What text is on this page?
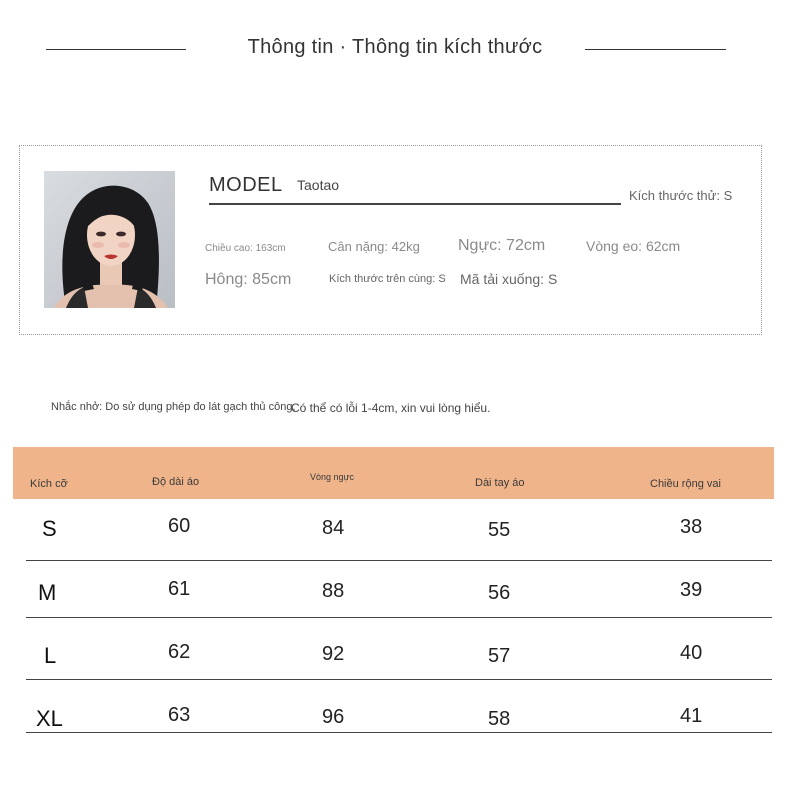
Thông tin · Thông tin kích thước
MODEL Taotao
Kích thước thử: S
Chiều cao: 163cm	Cân nặng: 42kg Ngực: 72cm	Vòng eo: 62cm
Hông: 85cm	Kích thước trên cùng: S Mã tải xuống: S
Nhắc nhở: Do sử dụng phép đo lát gạch thủ công,
Có thể có lỗi 1-4cm, xin vui lòng hiểu.
Kích cỡ	Độ dài áo	Vòng ngực	Dài tay áo	Chiều rộng vai
S	60	84	55	38
M	61	88	56	39
L	62	92	57	40
XL	63	96	58	41
